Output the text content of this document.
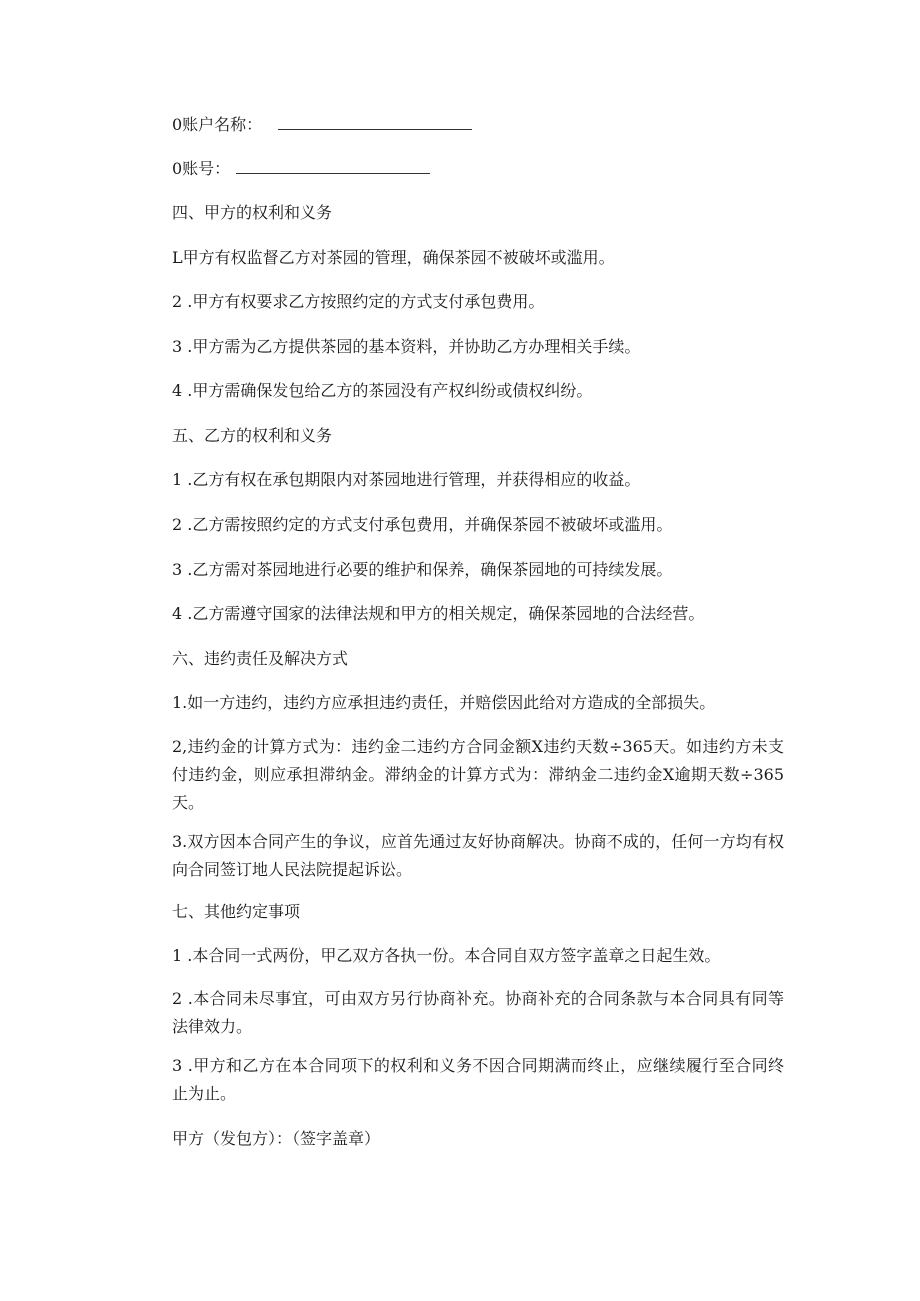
0账户名称：
0账号：
四、甲方的权利和义务
L甲方有权监督乙方对茶园的管理，确保茶园不被破坏或滥用。
2 .甲方有权要求乙方按照约定的方式支付承包费用。
3 .甲方需为乙方提供茶园的基本资料，并协助乙方办理相关手续。
4 .甲方需确保发包给乙方的茶园没有产权纠纷或债权纠纷。
五、乙方的权利和义务
1 .乙方有权在承包期限内对茶园地进行管理，并获得相应的收益。
2 .乙方需按照约定的方式支付承包费用，并确保茶园不被破坏或滥用。
3 .乙方需对茶园地进行必要的维护和保养，确保茶园地的可持续发展。
4 .乙方需遵守国家的法律法规和甲方的相关规定，确保茶园地的合法经营。
六、违约责任及解决方式
1.如一方违约，违约方应承担违约责任，并赔偿因此给对方造成的全部损失。
2,违约金的计算方式为：违约金二违约方合同金额X违约天数÷365天。如违约方未支付违约金，则应承担滞纳金。滞纳金的计算方式为：滞纳金二违约金X逾期天数÷365天。
3.双方因本合同产生的争议，应首先通过友好协商解决。协商不成的，任何一方均有权向合同签订地人民法院提起诉讼。
七、其他约定事项
1 .本合同一式两份，甲乙双方各执一份。本合同自双方签字盖章之日起生效。
2 .本合同未尽事宜，可由双方另行协商补充。协商补充的合同条款与本合同具有同等法律效力。
3 .甲方和乙方在本合同项下的权利和义务不因合同期满而终止，应继续履行至合同终止为止。
甲方（发包方）：（签字盖章）
